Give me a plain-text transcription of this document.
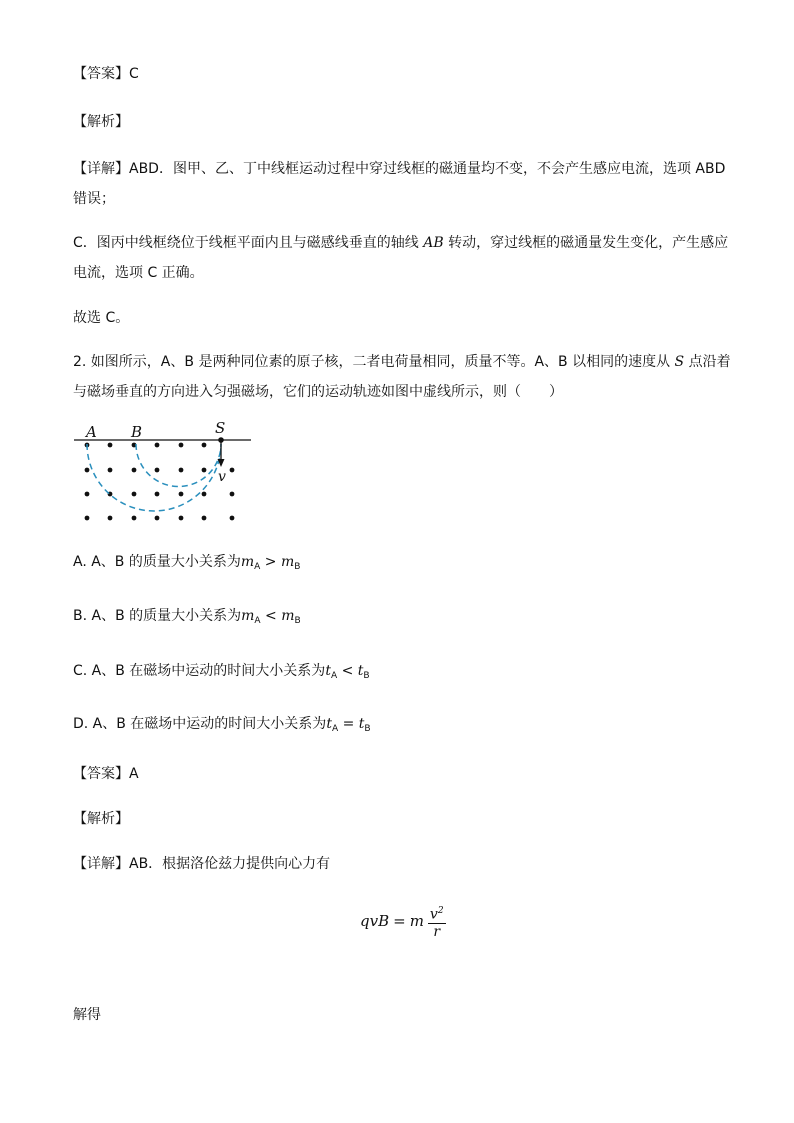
【答案】C
【解析】
【详解】ABD．图甲、乙、丁中线框运动过程中穿过线框的磁通量均不变，不会产生感应电流，选项 ABD
错误；
C．图丙中线框绕位于线框平面内且与磁感线垂直的轴线 AB 转动，穿过线框的磁通量发生变化，产生感应
电流，选项 C 正确。
故选 C。
2. 如图所示，A、B 是两种同位素的原子核，二者电荷量相同，质量不等。A、B 以相同的速度从 S 点沿着
与磁场垂直的方向进入匀强磁场，它们的运动轨迹如图中虚线所示，则（　　）
A B	S
v
A. A、B 的质量大小关系为$m_A > m_B$
B. A、B 的质量大小关系为$m_A < m_B$
C. A、B 在磁场中运动的时间大小关系为$t_A < t_B$
D. A、B 在磁场中运动的时间大小关系为$t_A = t_B$
【答案】A
【解析】
【详解】AB．根据洛伦兹力提供向心力有
qvB = m $\frac{v^2}{r}$
解得
